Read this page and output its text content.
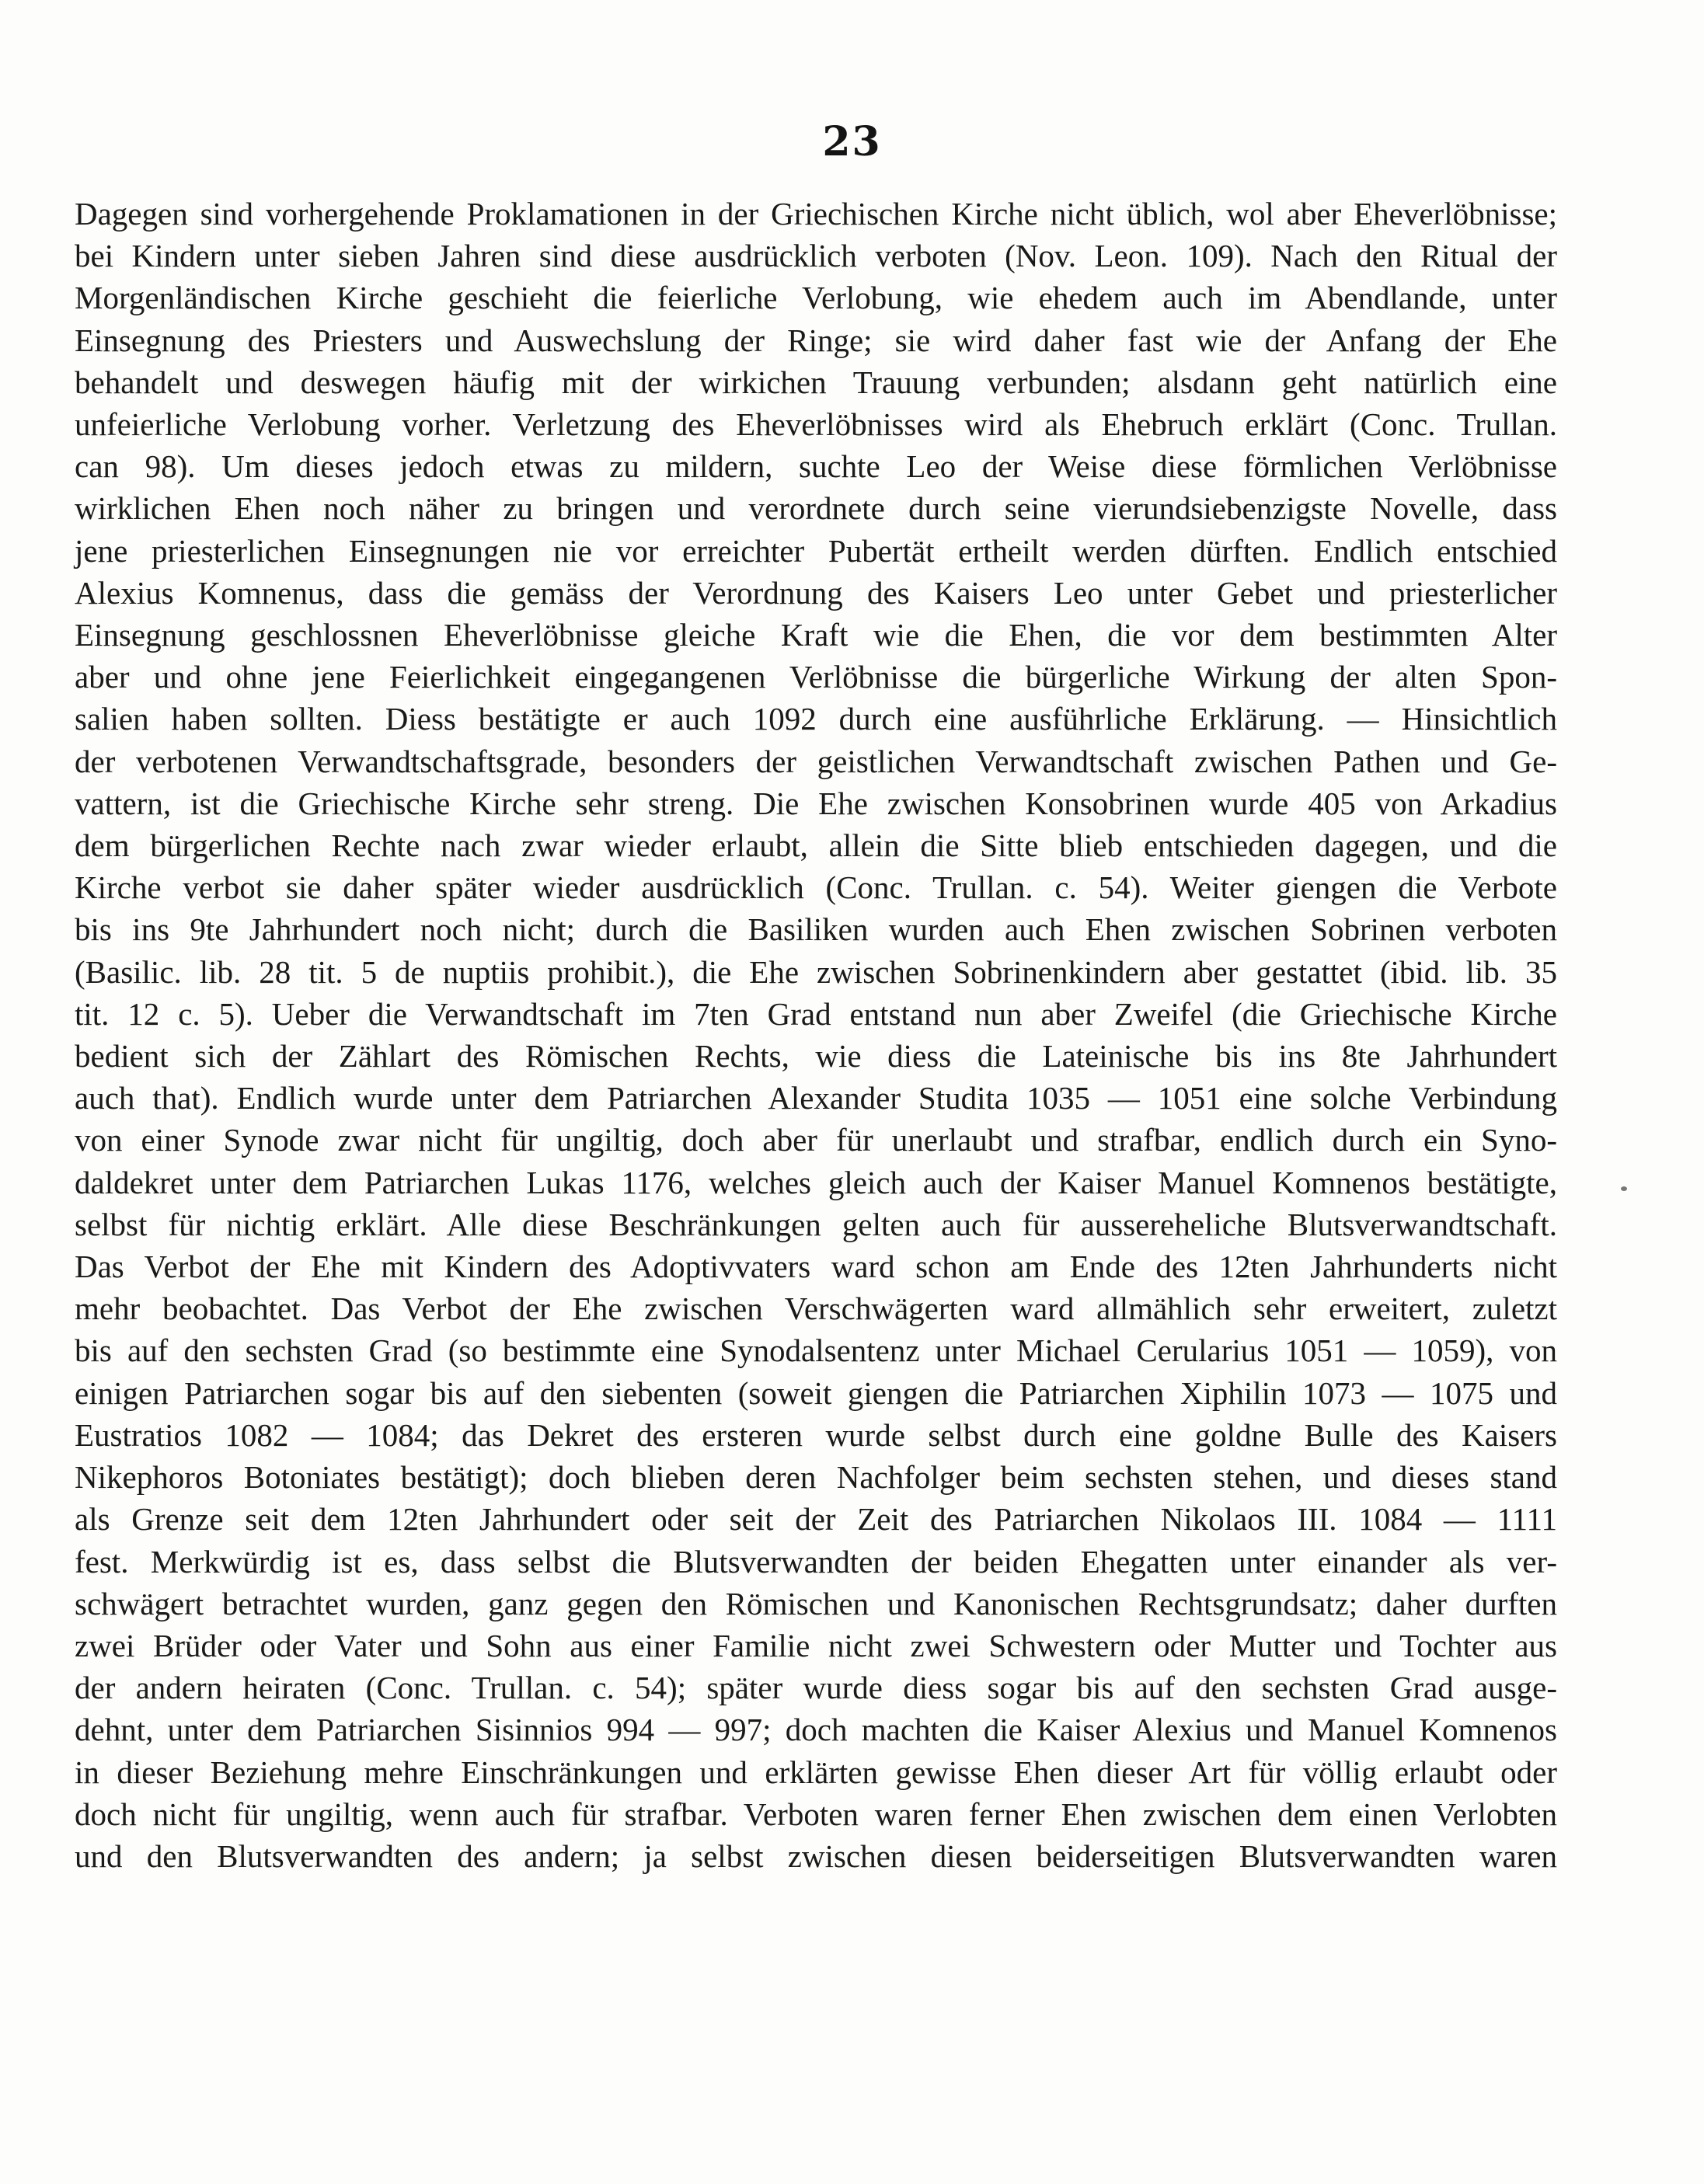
23
Dagegen sind vorhergehende Proklamationen in der Griechischen Kirche nicht üblich, wol aber Eheverlöbnisse;
bei Kindern unter sieben Jahren sind diese ausdrücklich verboten (Nov. Leon. 109). Nach den Ritual der
Morgenländischen Kirche geschieht die feierliche Verlobung, wie ehedem auch im Abendlande, unter
Einsegnung des Priesters und Auswechslung der Ringe; sie wird daher fast wie der Anfang der Ehe
behandelt und deswegen häufig mit der wirkichen Trauung verbunden; alsdann geht natürlich eine
unfeierliche Verlobung vorher. Verletzung des Eheverlöbnisses wird als Ehebruch erklärt (Conc. Trullan.
can 98). Um dieses jedoch etwas zu mildern, suchte Leo der Weise diese förmlichen Verlöbnisse
wirklichen Ehen noch näher zu bringen und verordnete durch seine vierundsiebenzigste Novelle, dass
jene priesterlichen Einsegnungen nie vor erreichter Pubertät ertheilt werden dürften. Endlich entschied
Alexius Komnenus, dass die gemäss der Verordnung des Kaisers Leo unter Gebet und priesterlicher
Einsegnung geschlossnen Eheverlöbnisse gleiche Kraft wie die Ehen, die vor dem bestimmten Alter
aber und ohne jene Feierlichkeit eingegangenen Verlöbnisse die bürgerliche Wirkung der alten Spon-
salien haben sollten. Diess bestätigte er auch 1092 durch eine ausführliche Erklärung. — Hinsichtlich
der verbotenen Verwandtschaftsgrade, besonders der geistlichen Verwandtschaft zwischen Pathen und Ge-
vattern, ist die Griechische Kirche sehr streng. Die Ehe zwischen Konsobrinen wurde 405 von Arkadius
dem bürgerlichen Rechte nach zwar wieder erlaubt, allein die Sitte blieb entschieden dagegen, und die
Kirche verbot sie daher später wieder ausdrücklich (Conc. Trullan. c. 54). Weiter giengen die Verbote
bis ins 9te Jahrhundert noch nicht; durch die Basiliken wurden auch Ehen zwischen Sobrinen verboten
(Basilic. lib. 28 tit. 5 de nuptiis prohibit.), die Ehe zwischen Sobrinenkindern aber gestattet (ibid. lib. 35
tit. 12 c. 5). Ueber die Verwandtschaft im 7ten Grad entstand nun aber Zweifel (die Griechische Kirche
bedient sich der Zählart des Römischen Rechts, wie diess die Lateinische bis ins 8te Jahrhundert
auch that). Endlich wurde unter dem Patriarchen Alexander Studita 1035 — 1051 eine solche Verbindung
von einer Synode zwar nicht für ungiltig, doch aber für unerlaubt und strafbar, endlich durch ein Syno-
daldekret unter dem Patriarchen Lukas 1176, welches gleich auch der Kaiser Manuel Komnenos bestätigte,
selbst für nichtig erklärt. Alle diese Beschränkungen gelten auch für aussereheliche Blutsverwandtschaft.
Das Verbot der Ehe mit Kindern des Adoptivvaters ward schon am Ende des 12ten Jahrhunderts nicht
mehr beobachtet. Das Verbot der Ehe zwischen Verschwägerten ward allmählich sehr erweitert, zuletzt
bis auf den sechsten Grad (so bestimmte eine Synodalsentenz unter Michael Cerularius 1051 — 1059), von
einigen Patriarchen sogar bis auf den siebenten (soweit giengen die Patriarchen Xiphilin 1073 — 1075 und
Eustratios 1082 — 1084; das Dekret des ersteren wurde selbst durch eine goldne Bulle des Kaisers
Nikephoros Botoniates bestätigt); doch blieben deren Nachfolger beim sechsten stehen, und dieses stand
als Grenze seit dem 12ten Jahrhundert oder seit der Zeit des Patriarchen Nikolaos III. 1084 — 1111
fest. Merkwürdig ist es, dass selbst die Blutsverwandten der beiden Ehegatten unter einander als ver-
schwägert betrachtet wurden, ganz gegen den Römischen und Kanonischen Rechtsgrundsatz; daher durften
zwei Brüder oder Vater und Sohn aus einer Familie nicht zwei Schwestern oder Mutter und Tochter aus
der andern heiraten (Conc. Trullan. c. 54); später wurde diess sogar bis auf den sechsten Grad ausge-
dehnt, unter dem Patriarchen Sisinnios 994 — 997; doch machten die Kaiser Alexius und Manuel Komnenos
in dieser Beziehung mehre Einschränkungen und erklärten gewisse Ehen dieser Art für völlig erlaubt oder
doch nicht für ungiltig, wenn auch für strafbar. Verboten waren ferner Ehen zwischen dem einen Verlobten
und den Blutsverwandten des andern; ja selbst zwischen diesen beiderseitigen Blutsverwandten waren
